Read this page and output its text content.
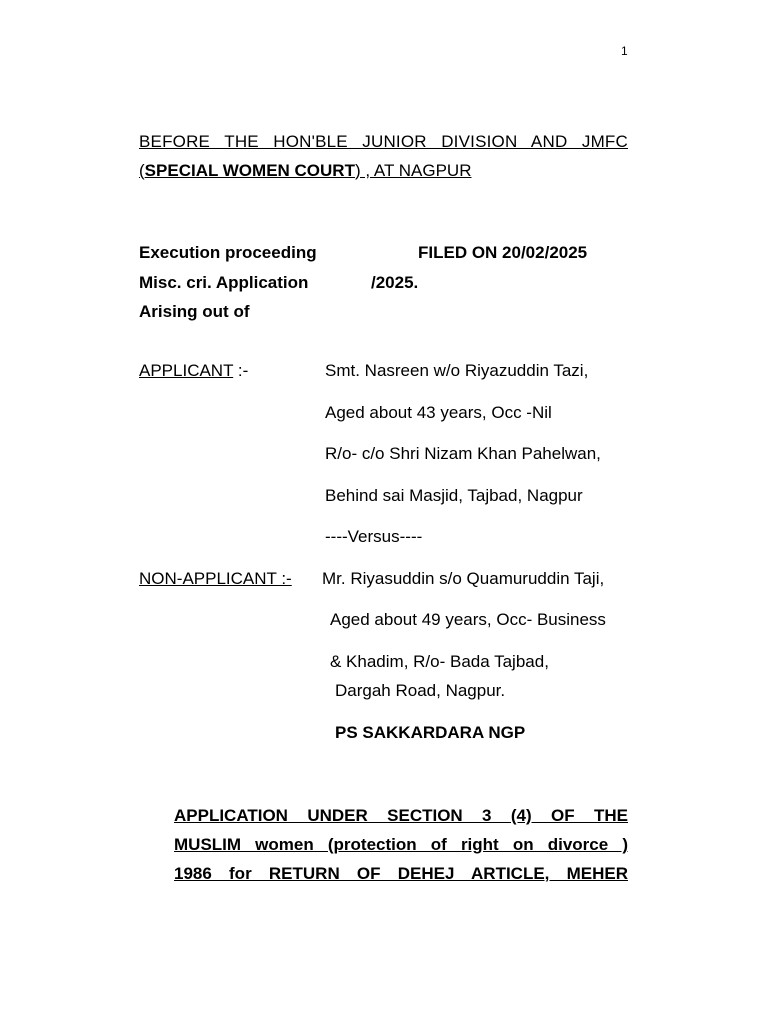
1
BEFORE THE HON'BLE JUNIOR DIVISION AND JMFC
(SPECIAL WOMEN COURT) , AT NAGPUR
Execution proceeding	FILED ON 20/02/2025
Misc. cri. Application	/2025.
Arising out of
APPLICANT :-	Smt. Nasreen w/o Riyazuddin Tazi,
Aged about 43 years, Occ -Nil
R/o- c/o Shri Nizam Khan Pahelwan,
Behind sai Masjid, Tajbad, Nagpur
----Versus----
NON-APPLICANT :- Mr. Riyasuddin s/o Quamuruddin Taji,
Aged about 49 years, Occ- Business
& Khadim, R/o- Bada Tajbad,
Dargah Road, Nagpur.
PS SAKKARDARA NGP
APPLICATION UNDER SECTION 3 (4) OF THE
MUSLIM women (protection of right on divorce )
1986 for RETURN OF DEHEJ ARTICLE, MEHER
